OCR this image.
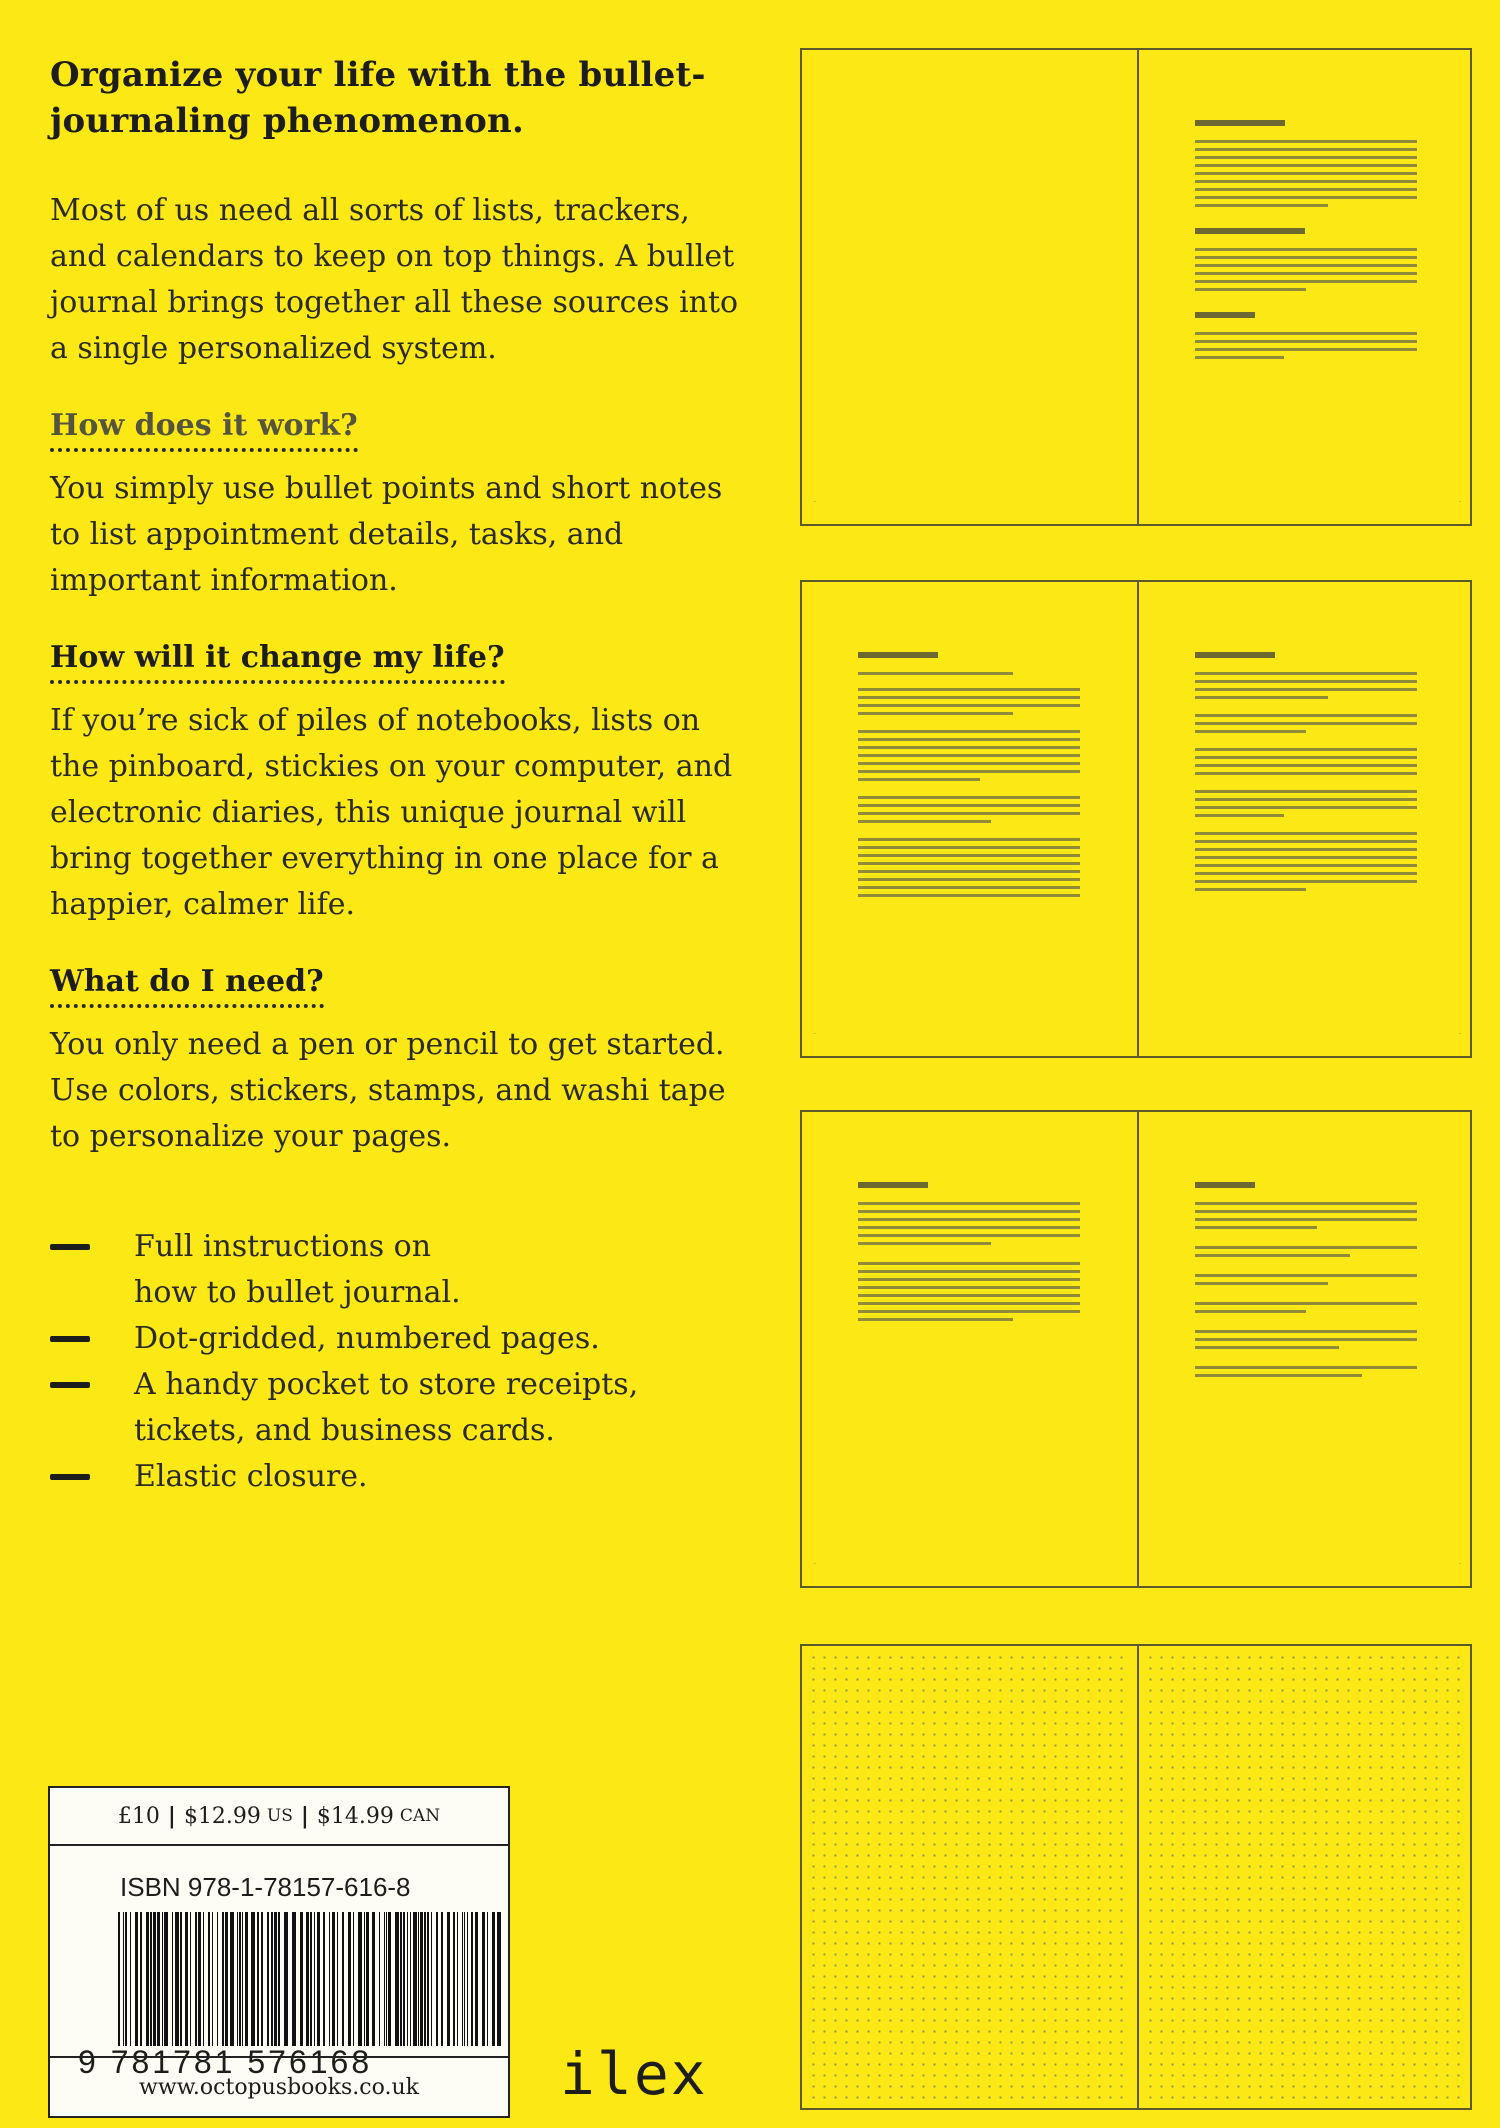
Organize your life with the bullet-
journaling phenomenon.

Most of us need all sorts of lists, trackers, and calendars to keep on top things. A bullet journal brings together all these sources into a single personalized system.

How does it work?

You simply use bullet points and short notes to list appointment details, tasks, and important information.

How will it change my life?

If you’re sick of piles of notebooks, lists on the pinboard, stickies on your computer, and electronic diaries, this unique journal will bring together everything in one place for a happier, calmer life.

What do I need?

You only need a pen or pencil to get started. Use colors, stickers, stamps, and washi tape to personalize your pages.

Full instructions on
how to bullet journal.
Dot-gridded, numbered pages.
A handy pocket to store receipts,
tickets, and business cards.
Elastic closure.
£10 | $12.99 US | $14.99 CAN
ISBN 978-1-78157-616-8
9 781781 576168
www.octopusbooks.co.uk	ilex
·	·
·	·
·	·
